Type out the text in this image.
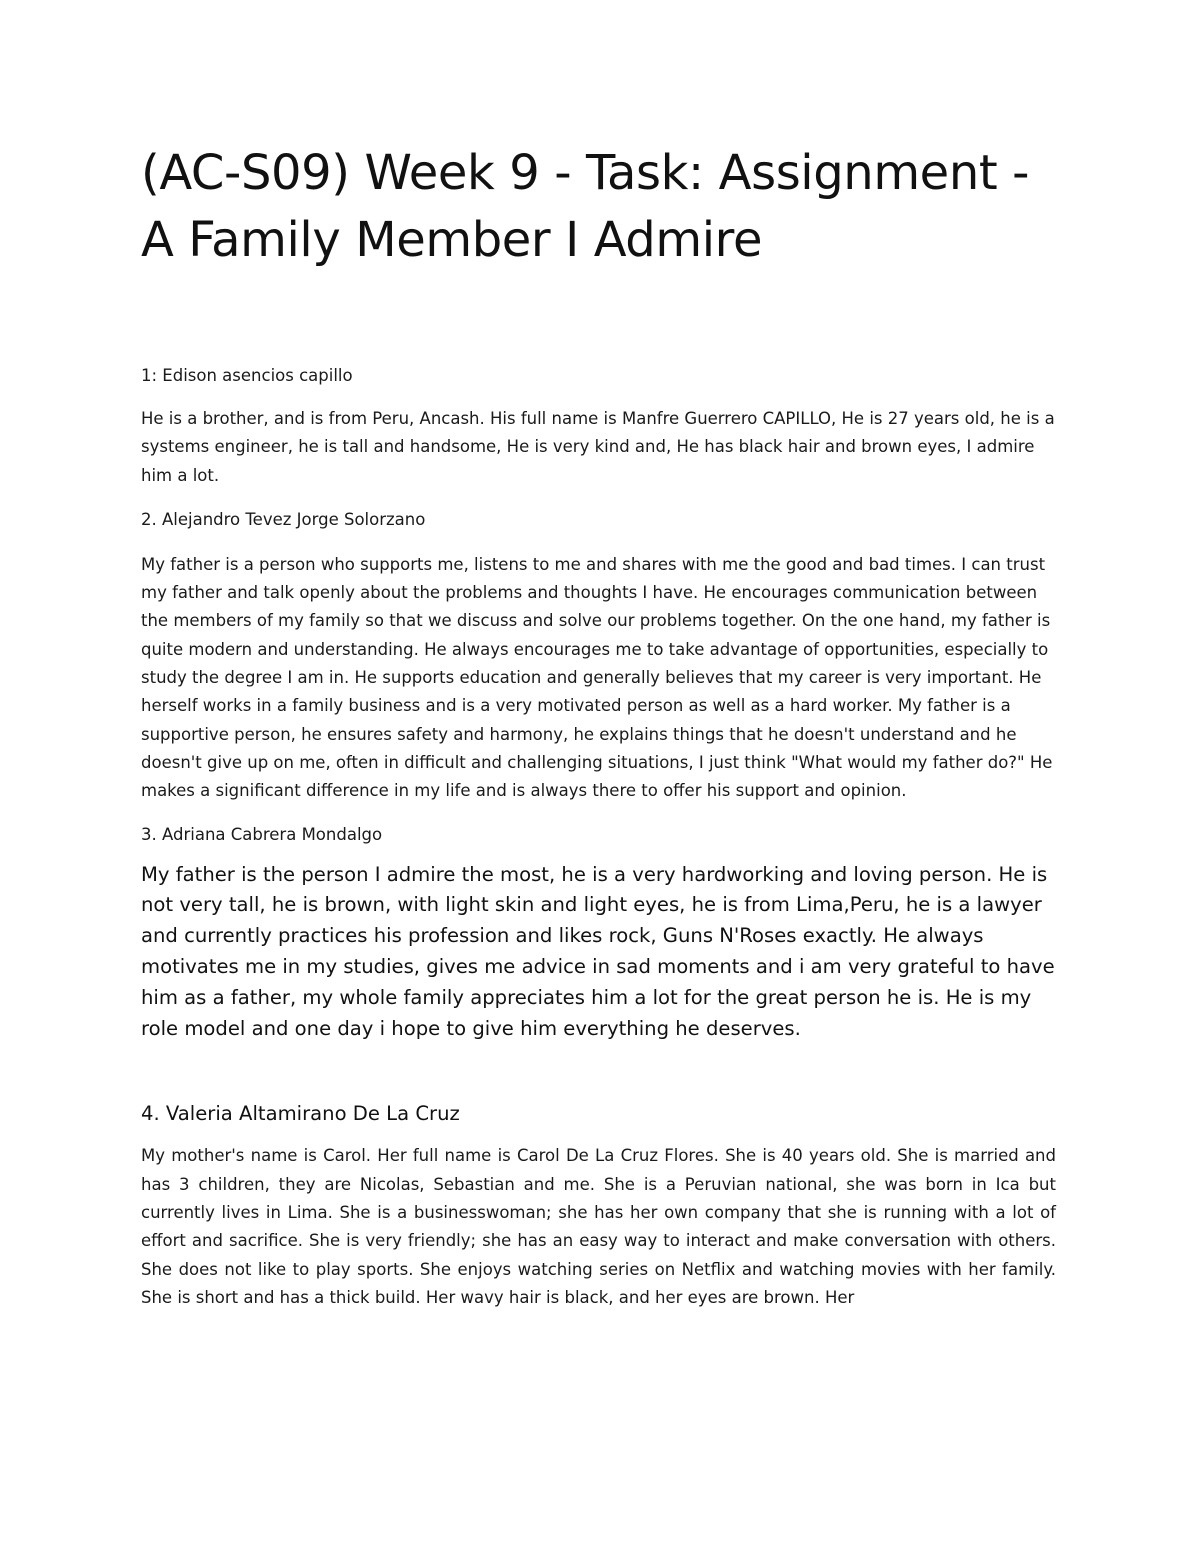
(AC-S09) Week 9 - Task: Assignment - A Family Member I Admire

1: Edison asencios capillo

He is a brother, and is from Peru, Ancash. His full name is Manfre Guerrero CAPILLO, He is 27 years old, he is a systems engineer, he is tall and handsome, He is very kind and, He has black hair and brown eyes, I admire him a lot.

2. Alejandro Tevez Jorge Solorzano

My father is a person who supports me, listens to me and shares with me the good and bad times. I can trust my father and talk openly about the problems and thoughts I have. He encourages communication between the members of my family so that we discuss and solve our problems together. On the one hand, my father is quite modern and understanding. He always encourages me to take advantage of opportunities, especially to study the degree I am in. He supports education and generally believes that my career is very important. He herself works in a family business and is a very motivated person as well as a hard worker. My father is a supportive person, he ensures safety and harmony, he explains things that he doesn't understand and he doesn't give up on me, often in difficult and challenging situations, I just think "What would my father do?" He makes a significant difference in my life and is always there to offer his support and opinion.

3. Adriana Cabrera Mondalgo

My father is the person I admire the most, he is a very hardworking and loving person. He is not very tall, he is brown, with light skin and light eyes, he is from Lima,Peru, he is a lawyer and currently practices his profession and likes rock, Guns N'Roses exactly. He always motivates me in my studies, gives me advice in sad moments and i am very grateful to have him as a father, my whole family appreciates him a lot for the great person he is. He is my role model and one day i hope to give him everything he deserves.

4. Valeria Altamirano De La Cruz

My mother's name is Carol. Her full name is Carol De La Cruz Flores. She is 40 years old. She is married and has 3 children, they are Nicolas, Sebastian and me. She is a Peruvian national, she was born in Ica but currently lives in Lima. She is a businesswoman; she has her own company that she is running with a lot of effort and sacrifice. She is very friendly; she has an easy way to interact and make conversation with others. She does not like to play sports. She enjoys watching series on Netflix and watching movies with her family. She is short and has a thick build. Her wavy hair is black, and her eyes are brown. Her
